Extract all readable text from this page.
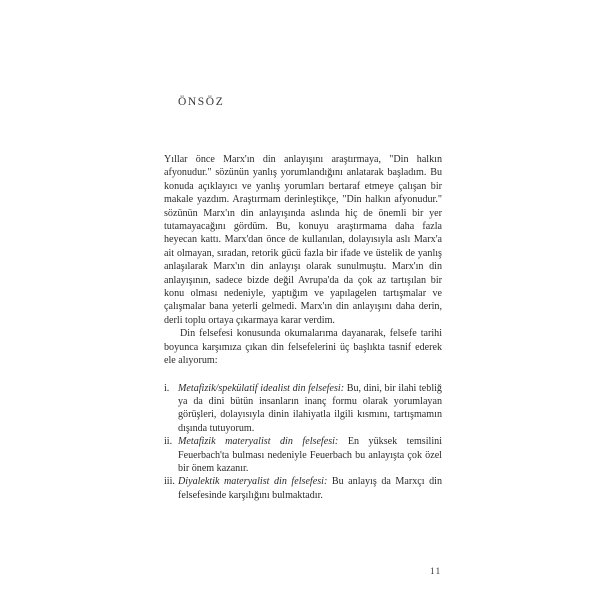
ÖNSÖZ

Yıllar önce Marx'ın din anlayışını araştırmaya, "Din halkın afyonudur." sözünün yanlış yorumlandığını anlatarak başladım. Bu konuda açıklayıcı ve yanlış yorumları bertaraf etmeye çalışan bir makale yazdım. Araştırmam derinleştikçe, "Din halkın afyonudur." sözünün Marx'ın din anlayışında aslında hiç de önemli bir yer tutamayacağını gördüm. Bu, konuyu araştırmama daha fazla heyecan kattı. Marx'dan önce de kullanılan, dolayısıyla aslı Marx'a ait olmayan, sıradan, retorik gücü fazla bir ifade ve üstelik de yanlış anlaşılarak Marx'ın din anlayışı olarak sunulmuştu. Marx'ın din anlayışının, sadece bizde değil Avrupa'da da çok az tartışılan bir konu olması nedeniyle, yaptığım ve yapılagelen tartışmalar ve çalışmalar bana yeterli gelmedi. Marx'ın din anlayışını daha derin, derli toplu ortaya çıkarmaya karar verdim.

Din felsefesi konusunda okumalarıma dayanarak, felsefe tarihi boyunca karşımıza çıkan din felsefelerini üç başlıkta tasnif ederek ele alıyorum:

i. Metafizik/spekülatif idealist din felsefesi: Bu, dini, bir ilahi tebliğ ya da dini bütün insanların inanç formu olarak yorumlayan görüşleri, dolayısıyla dinin ilahiyatla ilgili kısmını, tartışmamın dışında tutuyorum.
ii. Metafizik materyalist din felsefesi: En yüksek temsilini Feuerbach'ta bulması nedeniyle Feuerbach bu anlayışta çok özel bir önem kazanır.
iii. Diyalektik materyalist din felsefesi: Bu anlayış da Marxçı din felsefesinde karşılığını bulmaktadır.
11
